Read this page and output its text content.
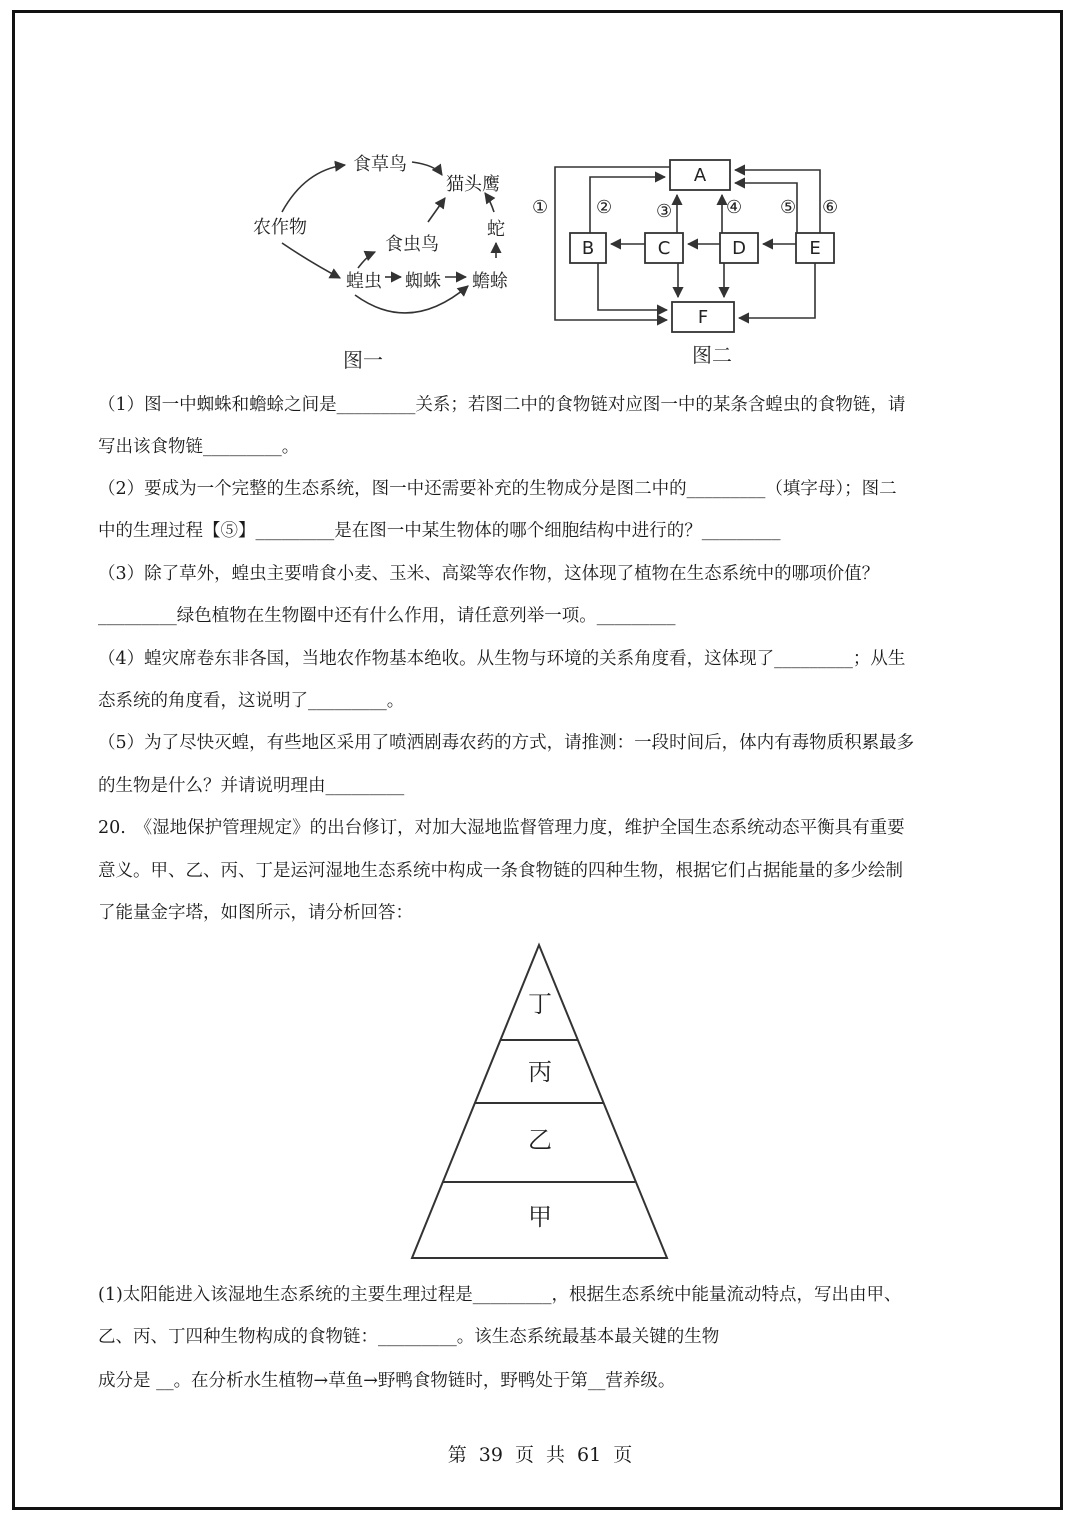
食草鸟
猫头鹰
农作物
食虫鸟
蛇
蝗虫 蜘蛛 蟾蜍
图一
A
B	C	D	E
F
①	② ③	④ ⑤ ⑥
图二
丁
丙
乙
甲
（1）图一中蜘蛛和蟾蜍之间是_________关系；若图二中的食物链对应图一中的某条含蝗虫的食物链，请
写出该食物链_________。
（2）要成为一个完整的生态系统，图一中还需要补充的生物成分是图二中的_________（填字母）；图二
中的生理过程【⑤】_________是在图一中某生物体的哪个细胞结构中进行的？_________
（3）除了草外，蝗虫主要啃食小麦、玉米、高粱等农作物，这体现了植物在生态系统中的哪项价值？
_________绿色植物在生物圈中还有什么作用，请任意列举一项。_________
（4）蝗灾席卷东非各国，当地农作物基本绝收。从生物与环境的关系角度看，这体现了_________；从生
态系统的角度看，这说明了_________。
（5）为了尽快灭蝗，有些地区采用了喷洒剧毒农药的方式，请推测：一段时间后，体内有毒物质积累最多
的生物是什么？并请说明理由_________
20.　《湿地保护管理规定》的出台修订，对加大湿地监督管理力度，维护全国生态系统动态平衡具有重要
意义。甲、乙、丙、丁是运河湿地生态系统中构成一条食物链的四种生物，根据它们占据能量的多少绘制
了能量金字塔，如图所示，请分析回答：
(1)太阳能进入该湿地生态系统的主要生理过程是_________，根据生态系统中能量流动特点，写出由甲、
乙、丙、丁四种生物构成的食物链：_________。该生态系统最基本最关键的生物
成分是 __。在分析水生植物→草鱼→野鸭食物链时，野鸭处于第__营养级。
第 39 页 共 61 页
